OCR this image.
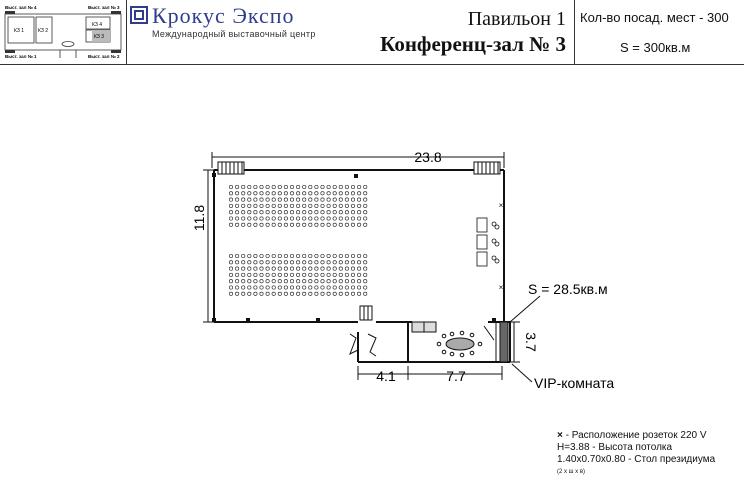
Выст. зал № 4	Выст. зал № 3
Выст. зал № 1	Выст. зал № 2
КЗ 1	КЗ 2
КЗ 4
КЗ 3
Крокус Экспо
Международный выставочный центр
Павильон 1
Конференц-зал № 3
Кол-во посад. мест - 300
S = 300кв.м
×
×
23.8
11.8
S = 28.5кв.м
3.7
4.1	7.7	VIP-комната
× - Расположение розеток 220 V
H=3.88 - Высота потолка
1.40x0.70x0.80 - Стол президиума
(2 x ш x в)
